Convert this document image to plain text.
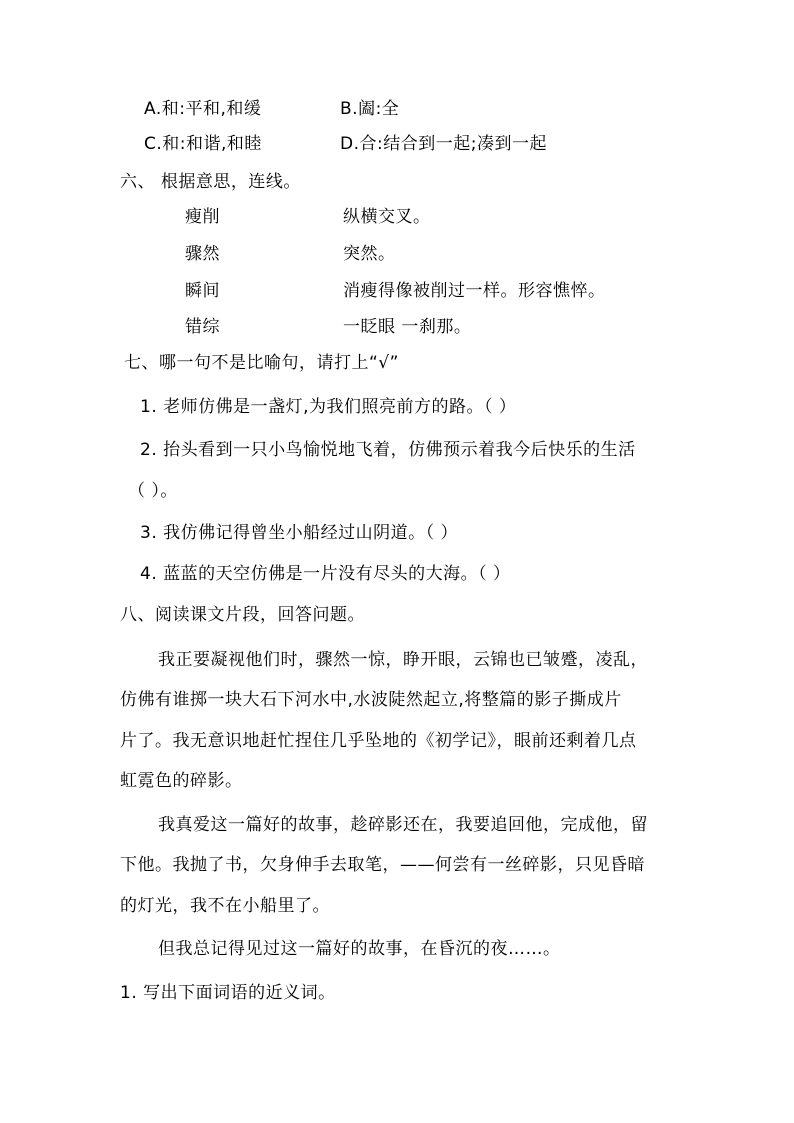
A.和:平和,和缓	B.阖:全
C.和:和谐,和睦	D.合:结合到一起;凑到一起
六、 根据意思，连线。
瘦削	纵横交叉。
骤然	突然。
瞬间	消瘦得像被削过一样。形容憔悴。
错综	一眨眼 一刹那。
七、哪一句不是比喻句，请打上“√”
1. 老师仿佛是一盏灯,为我们照亮前方的路。（ ）
2. 抬头看到一只小鸟愉悦地飞着，仿佛预示着我今后快乐的生活
（ ）。
3. 我仿佛记得曾坐小船经过山阴道。（ ）
4. 蓝蓝的天空仿佛是一片没有尽头的大海。（ ）
八、阅读课文片段，回答问题。
我正要凝视他们时，骤然一惊，睁开眼，云锦也已皱蹙，凌乱，
仿佛有谁掷一块大石下河水中,水波陡然起立,将整篇的影子撕成片
片了。我无意识地赶忙捏住几乎坠地的《初学记》，眼前还剩着几点
虹霓色的碎影。
我真爱这一篇好的故事，趁碎影还在，我要追回他，完成他，留
下他。我抛了书，欠身伸手去取笔，——何尝有一丝碎影，只见昏暗
的灯光，我不在小船里了。
但我总记得见过这一篇好的故事，在昏沉的夜……。
1. 写出下面词语的近义词。
